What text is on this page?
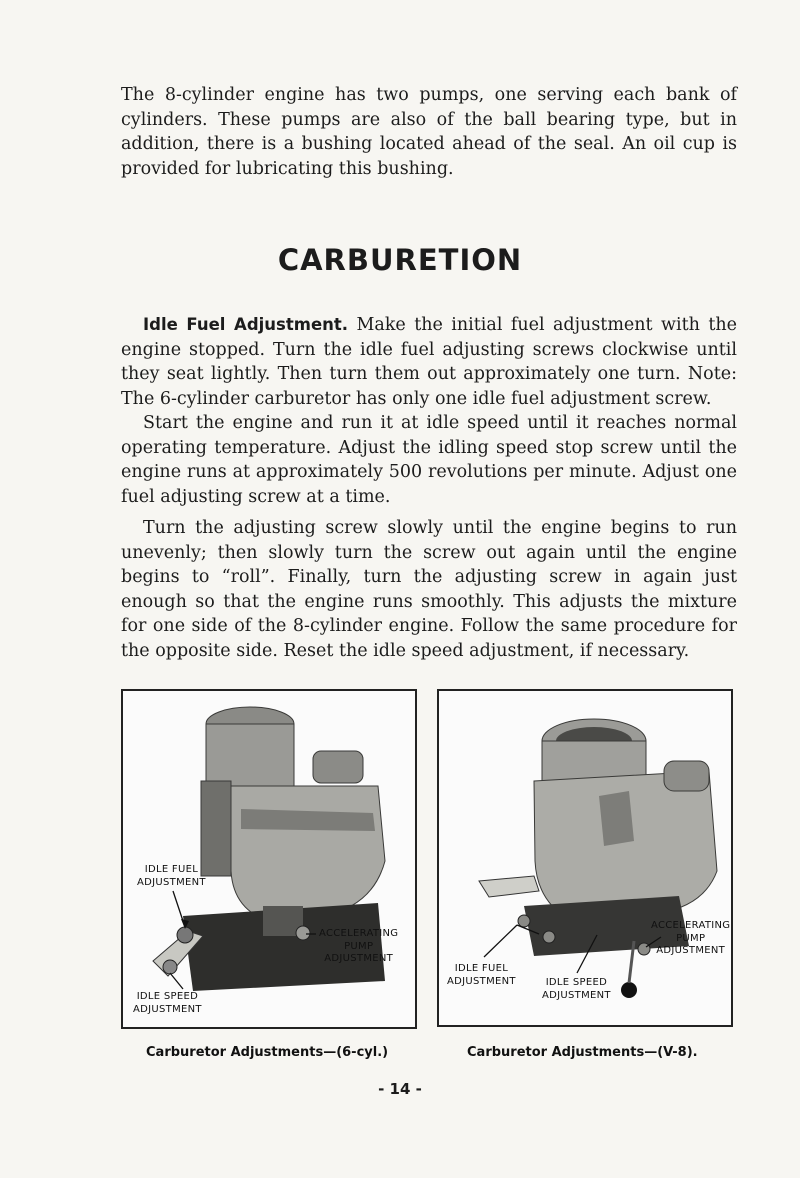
The 8-cylinder engine has two pumps, one serving each bank of cylinders. These pumps are also of the ball bearing type, but in addition, there is a bushing located ahead of the seal. An oil cup is provided for lubricating this bushing.

CARBURETION

Idle Fuel Adjustment. Make the initial fuel adjustment with the engine stopped. Turn the idle fuel adjusting screws clockwise until they seat lightly. Then turn them out approximately one turn. Note: The 6-cylinder carburetor has only one idle fuel adjustment screw.

Start the engine and run it at idle speed until it reaches normal operating temperature. Adjust the idling speed stop screw until the engine runs at approximately 500 revolutions per minute. Adjust one fuel adjusting screw at a time.

Turn the adjusting screw slowly until the engine begins to run unevenly; then slowly turn the screw out again until the engine begins to “roll”. Finally, turn the adjusting screw in again just enough so that the engine runs smoothly. This adjusts the mixture for one side of the 8-cylinder engine. Follow the same procedure for the opposite side. Reset the idle speed adjustment, if necessary.

IDLE FUEL
ADJUSTMENT
ACCELERATING
PUMP
ADJUSTMENT
IDLE SPEED
ADJUSTMENT
IDLE FUEL
ADJUSTMENT	IDLE SPEED
ADJUSTMENT
ACCELERATING
PUMP
ADJUSTMENT
Carburetor Adjustments—(6-cyl.)	Carburetor Adjustments—(V-8).
- 14 -
